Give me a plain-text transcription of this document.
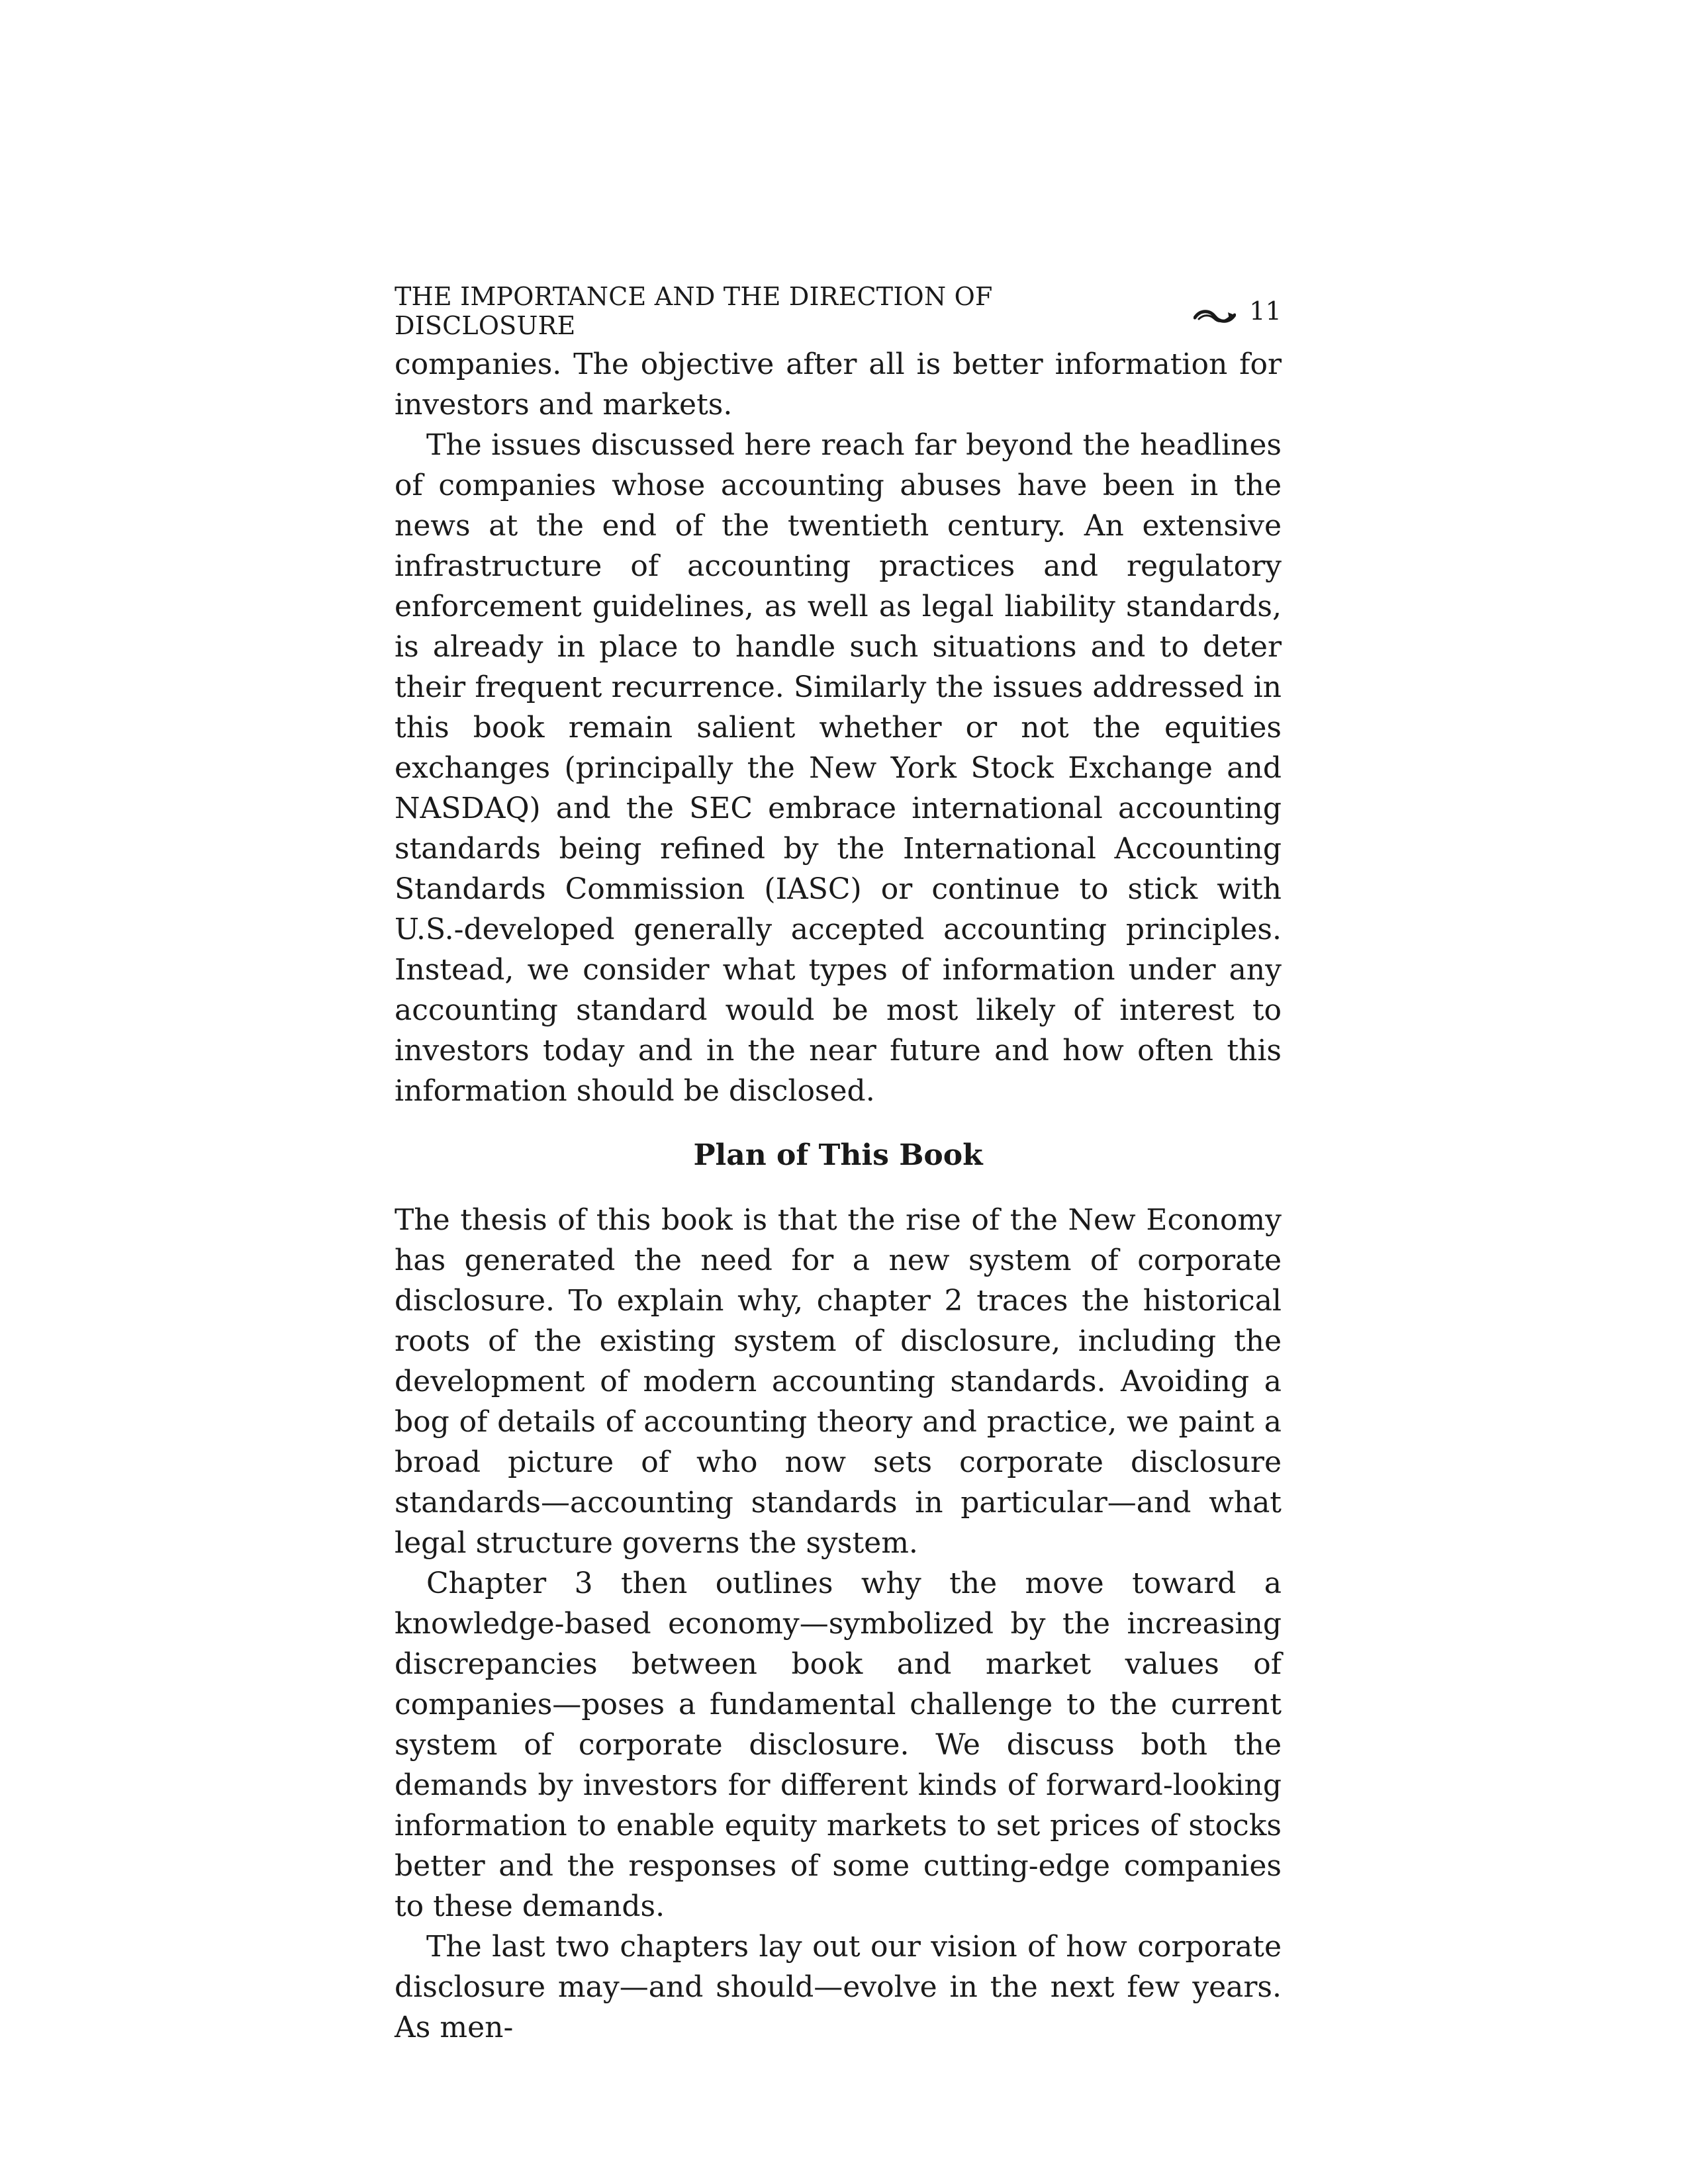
THE IMPORTANCE AND THE DIRECTION OF DISCLOSURE	11

companies. The objective after all is better information for investors and markets.

The issues discussed here reach far beyond the headlines of companies whose accounting abuses have been in the news at the end of the twentieth century. An extensive infrastructure of accounting practices and regulatory enforcement guidelines, as well as legal liability standards, is already in place to handle such situations and to deter their frequent recurrence. Similarly the issues addressed in this book remain salient whether or not the equities exchanges (principally the New York Stock Exchange and NASDAQ) and the SEC embrace international accounting standards being refined by the International Accounting Standards Commission (IASC) or continue to stick with U.S.-developed generally accepted accounting principles. Instead, we consider what types of information under any accounting standard would be most likely of interest to investors today and in the near future and how often this information should be disclosed.

Plan of This Book

The thesis of this book is that the rise of the New Economy has generated the need for a new system of corporate disclosure. To explain why, chapter 2 traces the historical roots of the existing system of disclosure, including the development of modern accounting standards. Avoiding a bog of details of accounting theory and practice, we paint a broad picture of who now sets corporate disclosure standards—accounting standards in particular—and what legal structure governs the system.

Chapter 3 then outlines why the move toward a knowledge-based economy—symbolized by the increasing discrepancies between book and market values of companies—poses a fundamental challenge to the current system of corporate disclosure. We discuss both the demands by investors for different kinds of forward-looking information to enable equity markets to set prices of stocks better and the responses of some cutting-edge companies to these demands.

The last two chapters lay out our vision of how corporate disclosure may—and should—evolve in the next few years. As men-
